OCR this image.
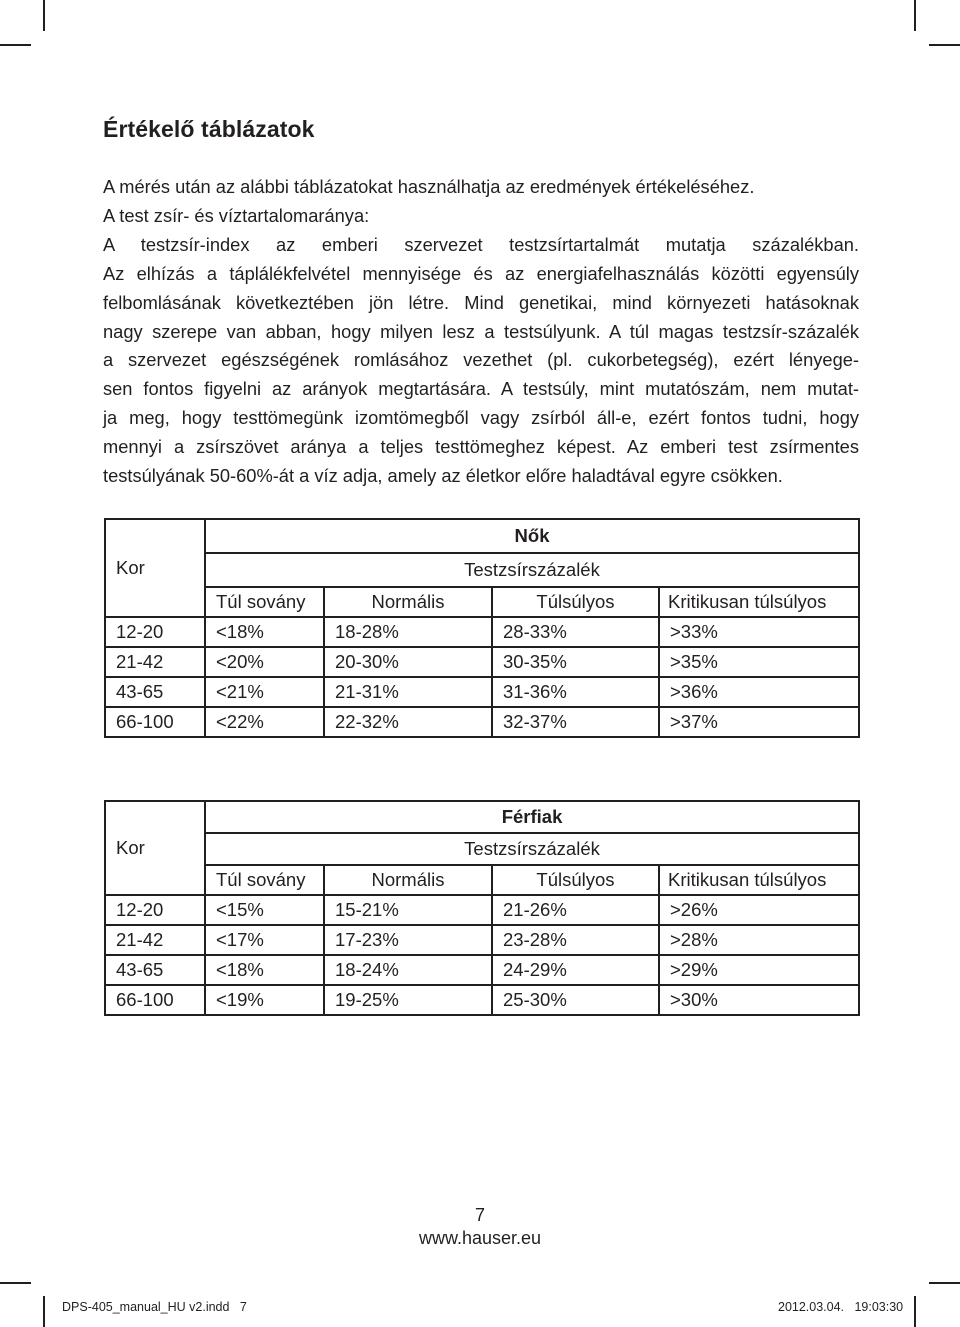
Értékelő táblázatok

A mérés után az alábbi táblázatokat használhatja az eredmények értékeléséhez.

A test zsír- és víztartalomaránya:

A testzsír-index az emberi szervezet testzsírtartalmát mutatja százalékban.

Az elhízás a táplálékfelvétel mennyisége és az energiafelhasználás közötti egyensúly

felbomlásának következtében jön létre. Mind genetikai, mind környezeti hatásoknak

nagy szerepe van abban, hogy milyen lesz a testsúlyunk. A túl magas testzsír-százalék

a szervezet egészségének romlásához vezethet (pl. cukorbetegség), ezért lényege-

sen fontos figyelni az arányok megtartására. A testsúly, mint mutatószám, nem mutat-

ja meg, hogy testtömegünk izomtömegből vagy zsírból áll-e, ezért fontos tudni, hogy

mennyi a zsírszövet aránya a teljes testtömeghez képest. Az emberi test zsírmentes

testsúlyának 50-60%-át a víz adja, amely az életkor előre haladtával egyre csökken.

Kor	Nők			
	Testzsírszázalék			
	Túl sovány	Normális	Túlsúlyos	Kritikusan túlsúlyos
12-20	<18%	18-28%	28-33%	>33%
21-42	<20%	20-30%	30-35%	>35%
43-65	<21%	21-31%	31-36%	>36%
66-100	<22%	22-32%	32-37%	>37%
Kor	Férfiak			
	Testzsírszázalék			
	Túl sovány	Normális	Túlsúlyos	Kritikusan túlsúlyos
12-20	<15%	15-21%	21-26%	>26%
21-42	<17%	17-23%	23-28%	>28%
43-65	<18%	18-24%	24-29%	>29%
66-100	<19%	19-25%	25-30%	>30%
7
www.hauser.eu
DPS-405_manual_HU v2.indd   7	2012.03.04.   19:03:30
